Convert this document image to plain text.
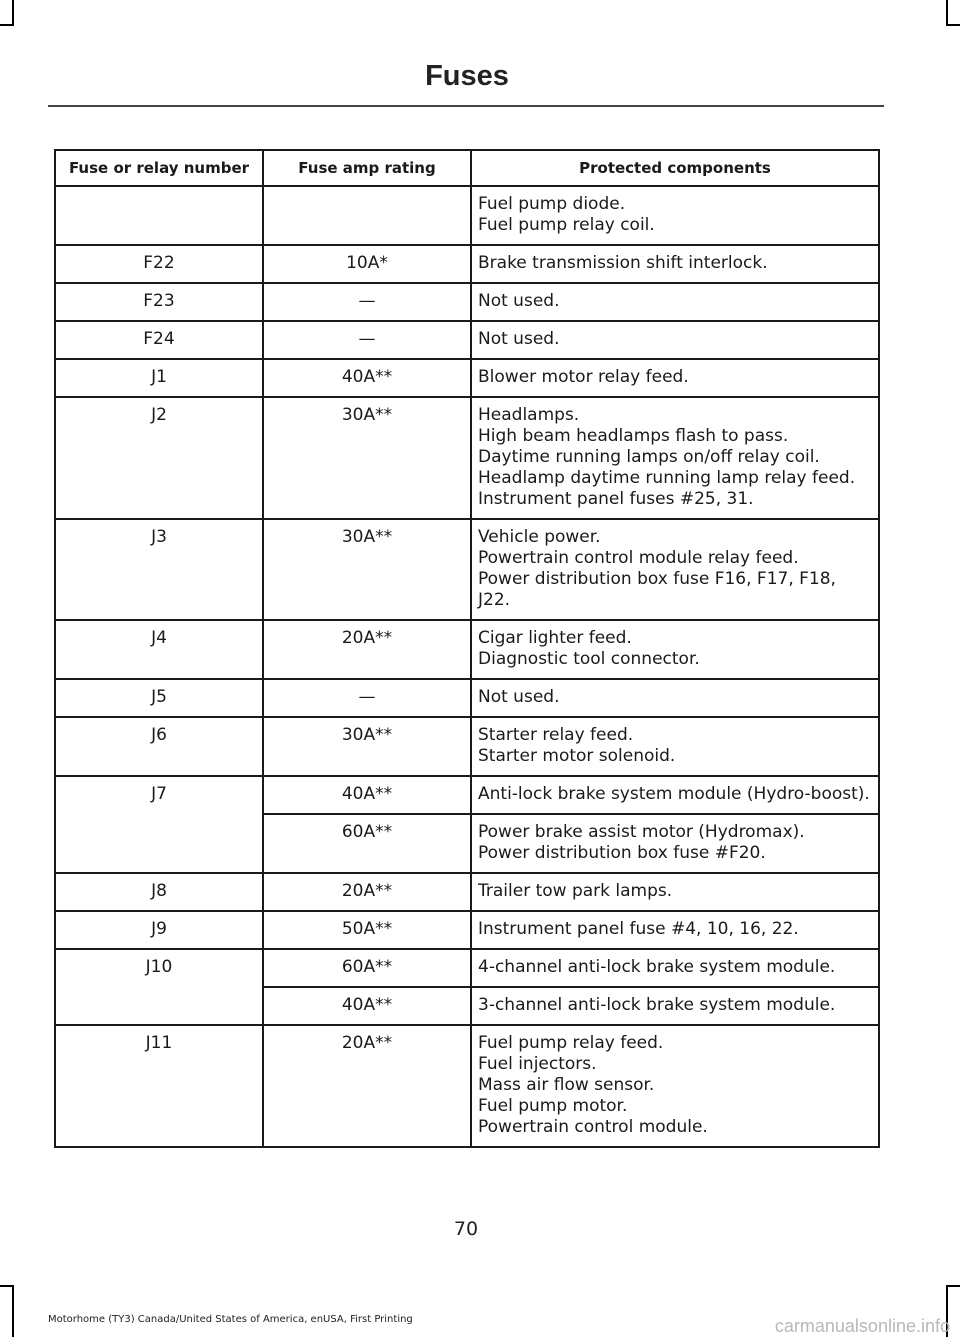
Fuses
Fuse or relay number	Fuse amp rating	Protected components

		Fuel pump diode.
Fuel pump relay coil.

F22	10A*	Brake transmission shift interlock.

F23	—	Not used.

F24	—	Not used.

J1	40A**	Blower motor relay feed.

J2	30A**	Headlamps.
High beam headlamps flash to pass.
Daytime running lamps on/off relay coil.
Headlamp daytime running lamp relay feed.
Instrument panel fuses #25, 31.

J3	30A**	Vehicle power.
Powertrain control module relay feed.
Power distribution box fuse F16, F17, F18, J22.

J4	20A**	Cigar lighter feed.
Diagnostic tool connector.

J5	—	Not used.

J6	30A**	Starter relay feed.
Starter motor solenoid.

J7	40A**	Anti-lock brake system module (Hydro-boost).

	60A**	Power brake assist motor (Hydromax).
Power distribution box fuse #F20.

J8	20A**	Trailer tow park lamps.

J9	50A**	Instrument panel fuse #4, 10, 16, 22.

J10	60A**	4-channel anti-lock brake system module.

	40A**	3-channel anti-lock brake system module.

J11	20A**	Fuel pump relay feed.
Fuel injectors.
Mass air flow sensor.
Fuel pump motor.
Powertrain control module.
70
Motorhome (TY3) Canada/United States of America, enUSA, First Printing	carmanualsonline.info
